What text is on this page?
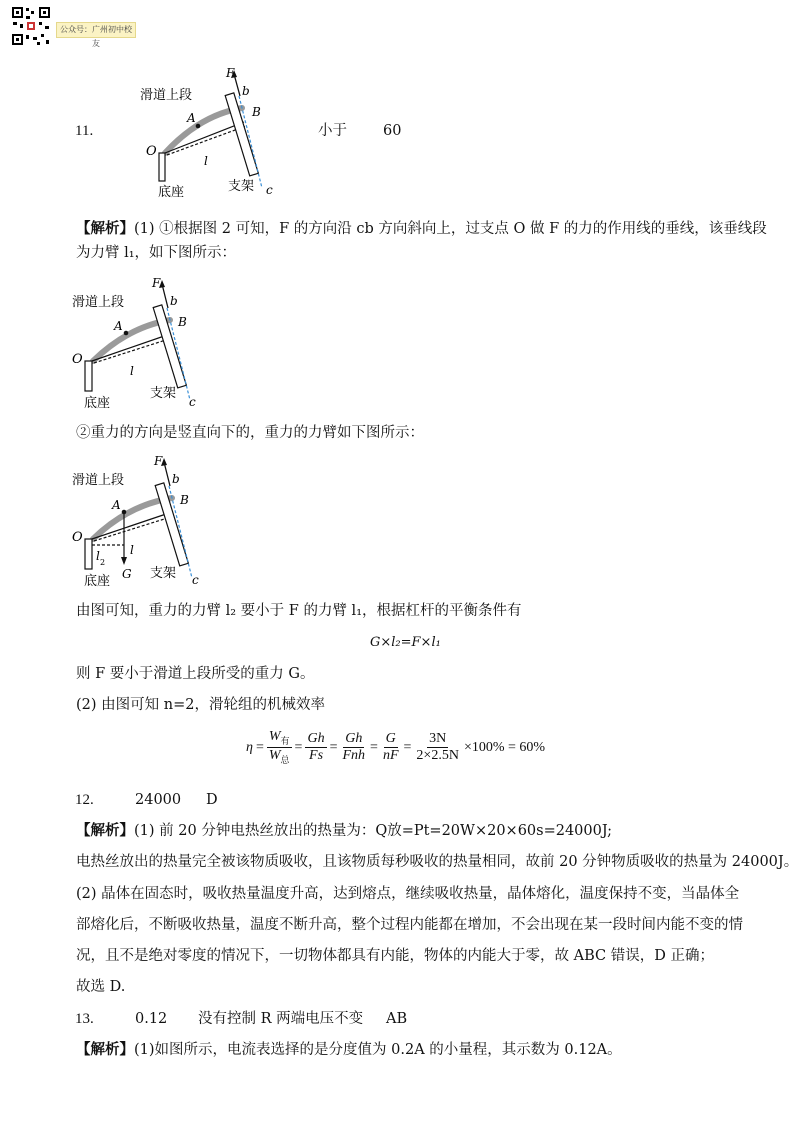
公众号：广州初中校友
11.	小于 60
F
b
滑道上段
A	B
O
l
底座	支架 c
【解析】(1) ①根据图 2 可知，F 的方向沿 cb 方向斜向上，过支点 O 做 F 的力的作用线的垂线，该垂线段
为力臂 l₁，如下图所示：
F
b
滑道上段
A	B
O
l
底座
支架
c
②重力的方向是竖直向下的，重力的力臂如下图所示：
F
b
滑道上段
A	B
O
l
l 2
G
底座
支架 c
由图可知，重力的力臂 l₂ 要小于 F 的力臂 l₁，根据杠杆的平衡条件有
G×l₂=F×l₁
则 F 要小于滑道上段所受的重力 G。
(2) 由图可知 n=2，滑轮组的机械效率
$\eta = \frac{W_有}{W_总} = \frac{Gh}{Fs} = \frac{Gh}{\text{Fnh}} = \frac{G}{nF} = \frac{3N}{2\times 2.5N} \times 100\% = 60\%$
12.	24000 D
【解析】(1) 前 20 分钟电热丝放出的热量为：Q放=Pt=20W×20×60s=24000J;
电热丝放出的热量完全被该物质吸收，且该物质每秒吸收的热量相同，故前 20 分钟物质吸收的热量为 24000J。
(2) 晶体在固态时，吸收热量温度升高，达到熔点，继续吸收热量，晶体熔化，温度保持不变，当晶体全
部熔化后，不断吸收热量，温度不断升高，整个过程内能都在增加，不会出现在某一段时间内能不变的情
况，且不是绝对零度的情况下，一切物体都具有内能，物体的内能大于零，故 ABC 错误，D 正确；
故选 D.
13.	0.12 没有控制 R 两端电压不变 AB
【解析】(1)如图所示，电流表选择的是分度值为 0.2A 的小量程，其示数为 0.12A。
